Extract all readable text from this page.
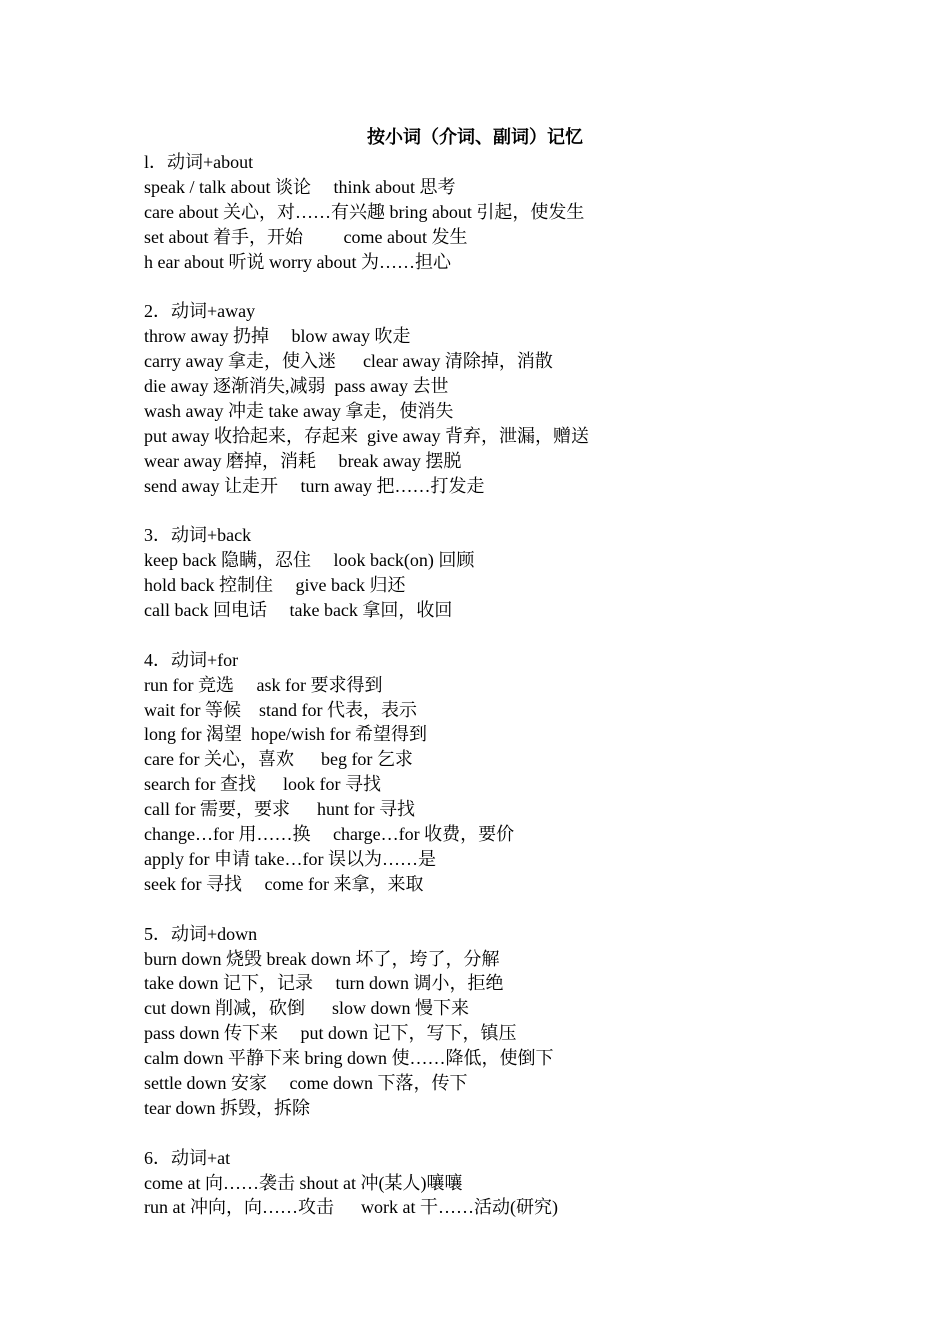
按小词（介词、副词）记忆
l．动词+about
speak / talk about 谈论     think about 思考
care about 关心，对……有兴趣 bring about 引起，使发生
set about 着手，开始         come about 发生
h ear about 听说 worry about 为……担心
2．动词+away
throw away 扔掉     blow away 吹走
carry away 拿走，使入迷      clear away 清除掉，消散
die away 逐渐消失,减弱  pass away 去世
wash away 冲走 take away 拿走，使消失
put away 收拾起来，存起来  give away 背弃，泄漏，赠送
wear away 磨掉，消耗     break away 摆脱
send away 让走开     turn away 把……打发走
3．动词+back
keep back 隐瞒，忍住     look back(on) 回顾
hold back 控制住     give back 归还
call back 回电话     take back 拿回，收回
4．动词+for
run for 竞选     ask for 要求得到
wait for 等候    stand for 代表，表示
long for 渴望  hope/wish for 希望得到
care for 关心，喜欢      beg for 乞求
search for 查找      look for 寻找
call for 需要，要求      hunt for 寻找
change…for 用……换     charge…for 收费，要价
apply for 申请 take…for 误以为……是
seek for 寻找     come for 来拿，来取
5．动词+down
burn down 烧毁 break down 坏了，垮了，分解
take down 记下，记录     turn down 调小，拒绝
cut down 削减，砍倒      slow down 慢下来
pass down 传下来     put down 记下，写下，镇压
calm down 平静下来 bring down 使……降低，使倒下
settle down 安家     come down 下落，传下
tear down 拆毁，拆除
6．动词+at
come at 向……袭击 shout at 冲(某人)嚷嚷
run at 冲向，向……攻击      work at 干……活动(研究)
